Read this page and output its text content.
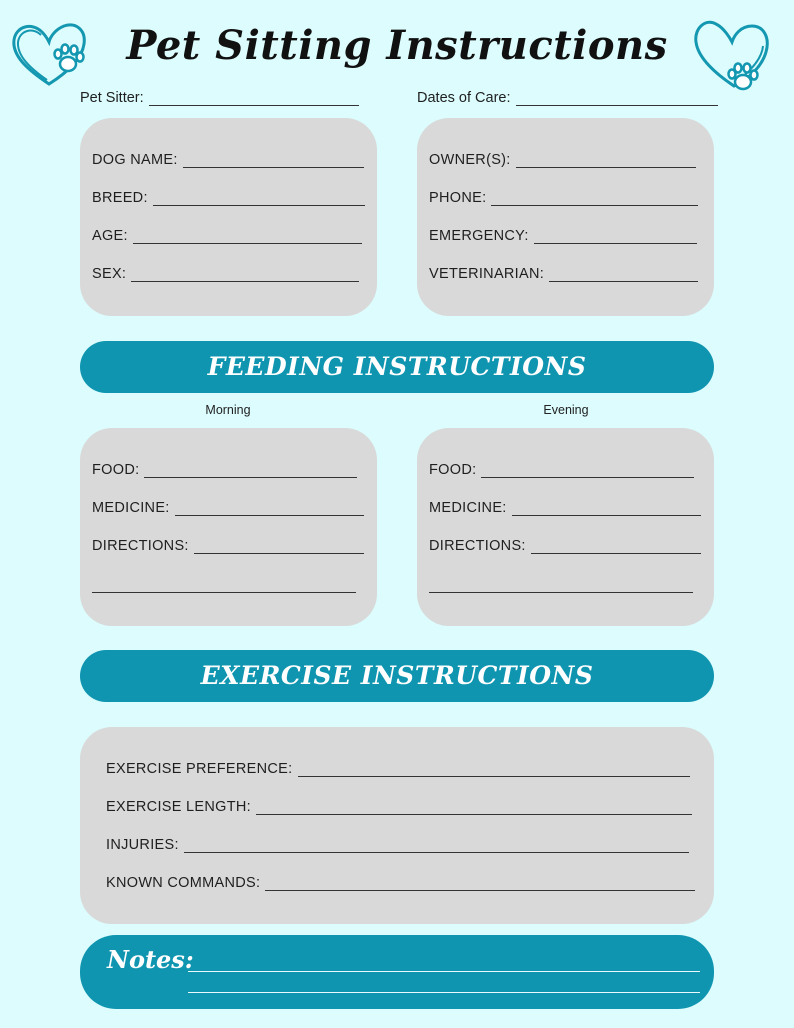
Pet Sitting Instructions
Pet Sitter:	Dates of Care:
DOG NAME:
BREED:
AGE:
SEX:
OWNER(S):
PHONE:
EMERGENCY:
VETERINARIAN:
FEEDING INSTRUCTIONS
Morning	Evening
FOOD:
MEDICINE:
DIRECTIONS:
FOOD:
MEDICINE:
DIRECTIONS:
EXERCISE INSTRUCTIONS
EXERCISE PREFERENCE:
EXERCISE LENGTH:
INJURIES:
KNOWN COMMANDS:
Notes:
